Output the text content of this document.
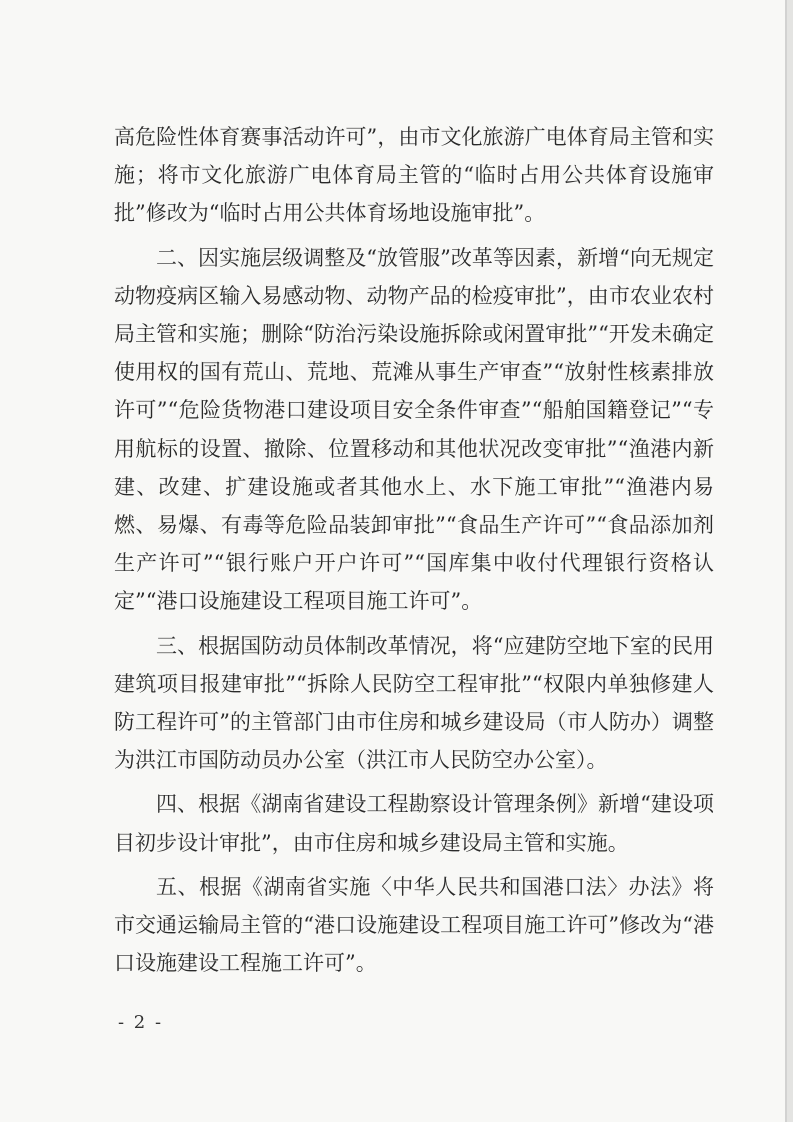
高危险性体育赛事活动许可”，由市文化旅游广电体育局主管和实施；将市文化旅游广电体育局主管的“临时占用公共体育设施审批”修改为“临时占用公共体育场地设施审批”。

二、因实施层级调整及“放管服”改革等因素，新增“向无规定动物疫病区输入易感动物、动物产品的检疫审批”，由市农业农村局主管和实施；删除“防治污染设施拆除或闲置审批”“开发未确定使用权的国有荒山、荒地、荒滩从事生产审查”“放射性核素排放许可”“危险货物港口建设项目安全条件审查”“船舶国籍登记”“专用航标的设置、撤除、位置移动和其他状况改变审批”“渔港内新建、改建、扩建设施或者其他水上、水下施工审批”“渔港内易燃、易爆、有毒等危险品装卸审批”“食品生产许可”“食品添加剂生产许可”“银行账户开户许可”“国库集中收付代理银行资格认定”“港口设施建设工程项目施工许可”。

三、根据国防动员体制改革情况，将“应建防空地下室的民用建筑项目报建审批”“拆除人民防空工程审批”“权限内单独修建人防工程许可”的主管部门由市住房和城乡建设局（市人防办）调整为洪江市国防动员办公室（洪江市人民防空办公室）。

四、根据《湖南省建设工程勘察设计管理条例》新增“建设项目初步设计审批”，由市住房和城乡建设局主管和实施。

五、根据《湖南省实施〈中华人民共和国港口法〉办法》将市交通运输局主管的“港口设施建设工程项目施工许可”修改为“港口设施建设工程施工许可”。

- 2 -
